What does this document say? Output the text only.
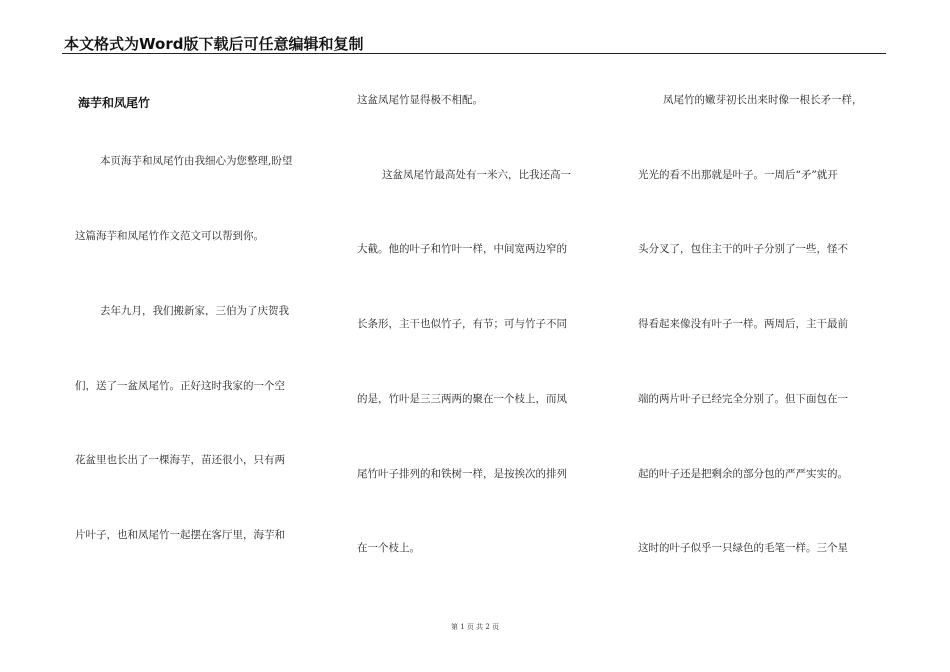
本文格式为Word版下载后可任意编辑和复制
海芋和凤尾竹
本页海芋和凤尾竹由我细心为您整理,盼望
这篇海芋和凤尾竹作文范文可以帮到你。
去年九月，我们搬新家，三伯为了庆贺我
们，送了一盆凤尾竹。正好这时我家的一个空
花盆里也长出了一棵海芋，苗还很小，只有两
片叶子，也和凤尾竹一起摆在客厅里，海芋和
这盆凤尾竹显得极不相配。
这盆凤尾竹最高处有一米六，比我还高一
大截。他的叶子和竹叶一样，中间宽两边窄的
长条形，主干也似竹子，有节；可与竹子不同
的是，竹叶是三三两两的聚在一个枝上，而凤
尾竹叶子排列的和铁树一样，是按挨次的排列
在一个枝上。
凤尾竹的嫩芽初长出来时像一根长矛一样，
光光的看不出那就是叶子。一周后“矛”就开
头分叉了，包住主干的叶子分别了一些，怪不
得看起来像没有叶子一样。两周后，主干最前
端的两片叶子已经完全分别了。但下面包在一
起的叶子还是把剩余的部分包的严严实实的。
这时的叶子似乎一只绿色的毛笔一样。三个星
第 1 页 共 2 页
